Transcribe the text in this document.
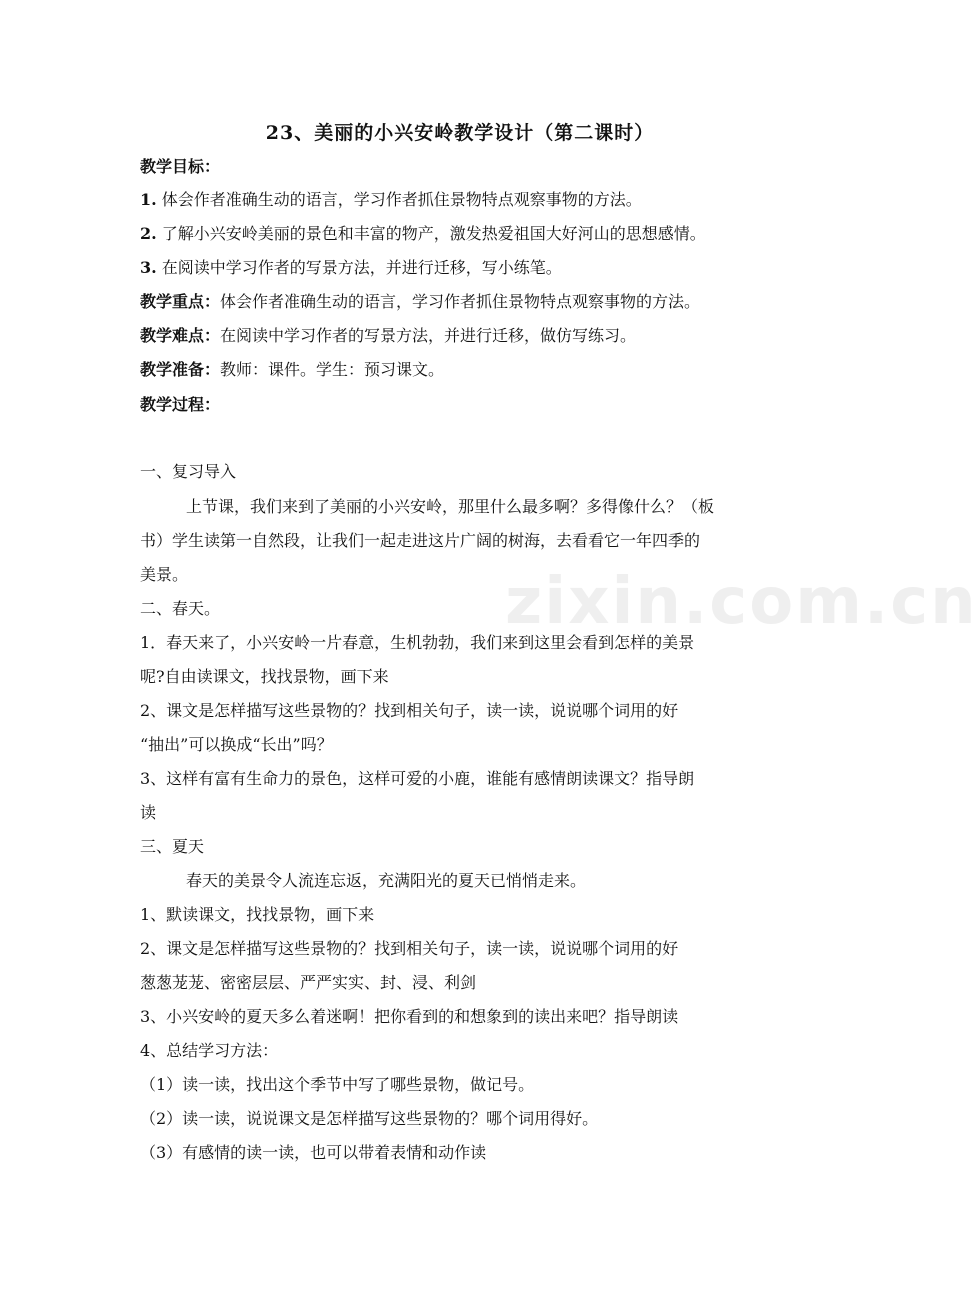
23、美丽的小兴安岭教学设计（第二课时）
教学目标：
1. 体会作者准确生动的语言，学习作者抓住景物特点观察事物的方法。
2. 了解小兴安岭美丽的景色和丰富的物产，激发热爱祖国大好河山的思想感情。
3. 在阅读中学习作者的写景方法，并进行迁移，写小练笔。
教学重点：体会作者准确生动的语言，学习作者抓住景物特点观察事物的方法。
教学难点：在阅读中学习作者的写景方法，并进行迁移，做仿写练习。
教学准备：教师：课件。学生：预习课文。
教学过程：
一、复习导入
上节课，我们来到了美丽的小兴安岭，那里什么最多啊？多得像什么？（板
书）学生读第一自然段，让我们一起走进这片广阔的树海，去看看它一年四季的
美景。
二、春天。
1．春天来了，小兴安岭一片春意，生机勃勃，我们来到这里会看到怎样的美景
呢?自由读课文，找找景物，画下来
2、课文是怎样描写这些景物的？找到相关句子，读一读，说说哪个词用的好
“抽出”可以换成“长出”吗？
3、这样有富有生命力的景色，这样可爱的小鹿，谁能有感情朗读课文？指导朗
读
三、夏天
春天的美景令人流连忘返，充满阳光的夏天已悄悄走来。
1、默读课文，找找景物，画下来
2、课文是怎样描写这些景物的？找到相关句子，读一读，说说哪个词用的好
葱葱茏茏、密密层层、严严实实、封、浸、利剑
3、小兴安岭的夏天多么着迷啊！把你看到的和想象到的读出来吧？指导朗读
4、总结学习方法：
（1）读一读，找出这个季节中写了哪些景物，做记号。
（2）读一读，说说课文是怎样描写这些景物的？哪个词用得好。
（3）有感情的读一读，也可以带着表情和动作读
zixin.com.cn
